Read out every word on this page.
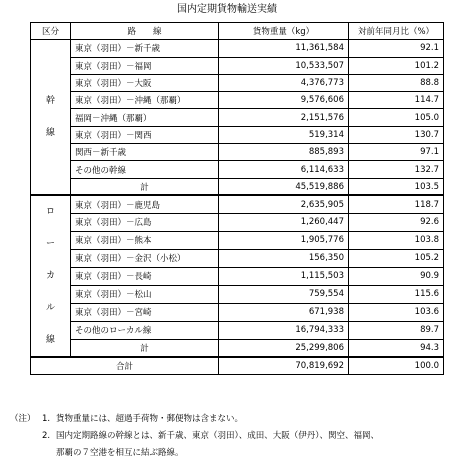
国内定期貨物輸送実績
区分	路　　線	貨物重量（kg）	対前年同月比（%）

幹
線	東京（羽田）－新千歳	11,361,584	92.1
	東京（羽田）－福岡	10,533,507	101.2
	東京（羽田）－大阪	4,376,773	88.8
	東京（羽田）－沖縄（那覇）	9,576,606	114.7
	福岡－沖縄（那覇）	2,151,576	105.0
	東京（羽田）－関西	519,314	130.7
	関西－新千歳	885,893	97.1
	その他の幹線	6,114,633	132.7
	計	45,519,886	103.5

ロ
ー
カ
ル
線	東京（羽田）－鹿児島	2,635,905	118.7
	東京（羽田）－広島	1,260,447	92.6
	東京（羽田）－熊本	1,905,776	103.8
	東京（羽田）－金沢（小松）	156,350	105.2
	東京（羽田）－長崎	1,115,503	90.9
	東京（羽田）－松山	759,554	115.6
	東京（羽田）－宮崎	671,938	103.6
	その他のローカル線	16,794,333	89.7
	計	25,299,806	94.3
合計		70,819,692	100.0
（注） 1. 貨物重量には、超過手荷物・郵便物は含まない。
2. 国内定期路線の幹線とは、新千歳、東京（羽田）、成田、大阪（伊丹）、関空、福岡、
那覇の７空港を相互に結ぶ路線。
